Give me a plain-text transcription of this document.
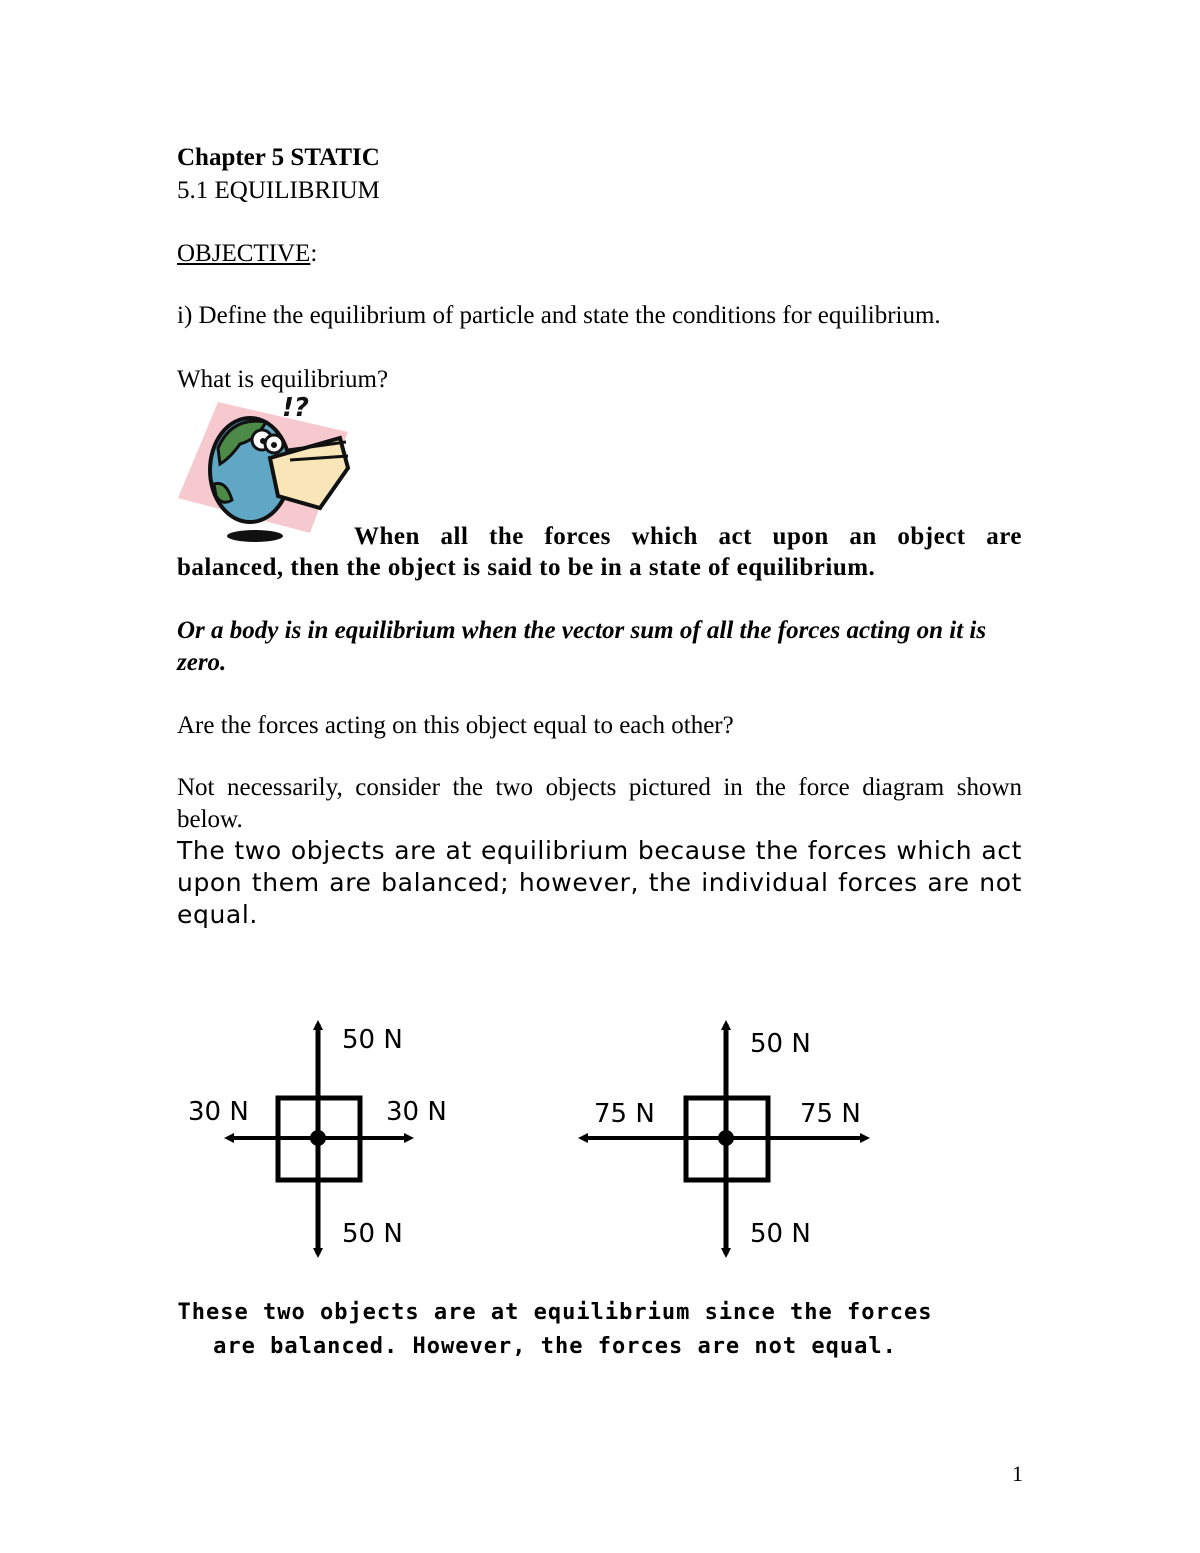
Chapter 5 STATIC
5.1 EQUILIBRIUM
OBJECTIVE:
i) Define the equilibrium of particle and state the conditions for equilibrium.
What is equilibrium?
!?
When all the forces which act upon an object are
balanced, then the object is said to be in a state of equilibrium.
Or a body is in equilibrium when the vector sum of all the forces acting on it is zero.
Are the forces acting on this object equal to each other?
Not necessarily, consider the two objects pictured in the force diagram shown below.
The two objects are at equilibrium because the forces which act upon them are balanced; however, the individual forces are not equal.
50 N
50 N
30 N	30 N
50 N
50 N
75 N	75 N
These two objects are at equilibrium since the forces
are balanced. However, the forces are not equal.
1
